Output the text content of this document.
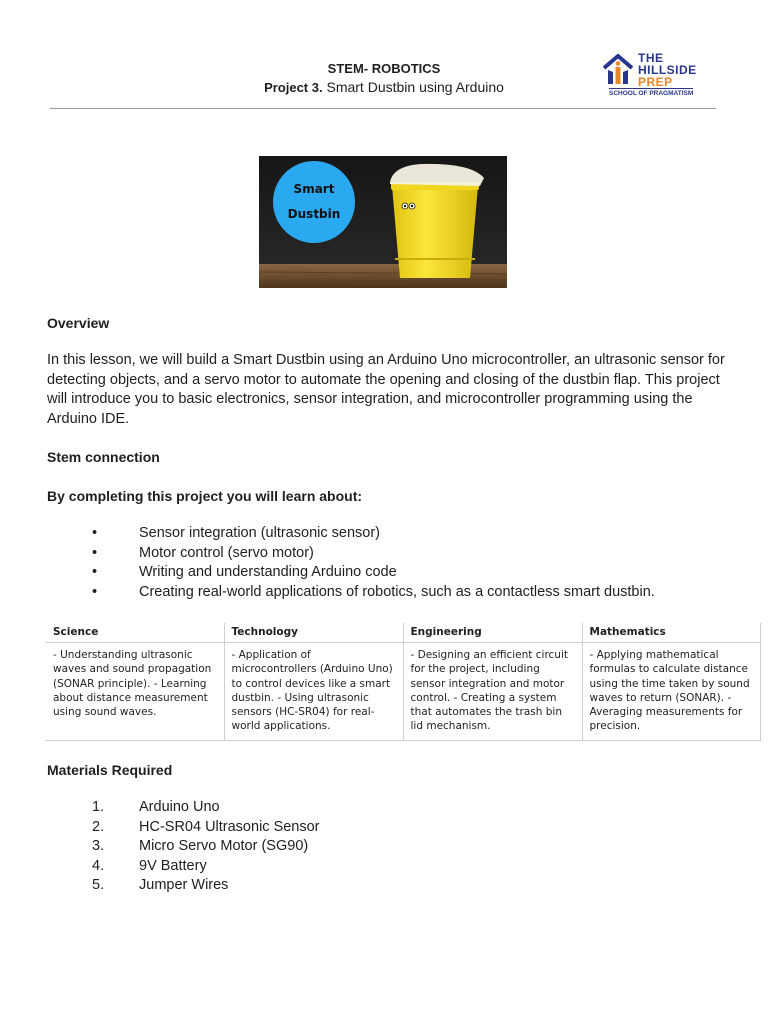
STEM- ROBOTICS
Project 3. Smart Dustbin using Arduino
THE
HILLSIDE
PREP
SCHOOL OF PRAGMATISM
Smart
Dustbin
Overview

In this lesson, we will build a Smart Dustbin using an Arduino Uno microcontroller, an ultrasonic sensor for detecting objects, and a servo motor to automate the opening and closing of the dustbin flap. This project will introduce you to basic electronics, sensor integration, and microcontroller programming using the Arduino IDE.

Stem connection
By completing this project you will learn about:
•	Sensor integration (ultrasonic sensor)
•	Motor control (servo motor)
•	Writing and understanding Arduino code
•	Creating real-world applications of robotics, such as a contactless smart dustbin.
Science	Technology	Engineering	Mathematics
- Understanding ultrasonic waves and sound propagation (SONAR principle). - Learning about distance measurement using sound waves.	- Application of microcontrollers (Arduino Uno) to control devices like a smart dustbin. - Using ultrasonic sensors (HC-SR04) for real-world applications.	- Designing an efficient circuit for the project, including sensor integration and motor control. - Creating a system that automates the trash bin lid mechanism.	- Applying mathematical formulas to calculate distance using the time taken by sound waves to return (SONAR). - Averaging measurements for precision.
Materials Required
1. Arduino Uno
2. HC-SR04 Ultrasonic Sensor
3. Micro Servo Motor (SG90)
4. 9V Battery
5. Jumper Wires
